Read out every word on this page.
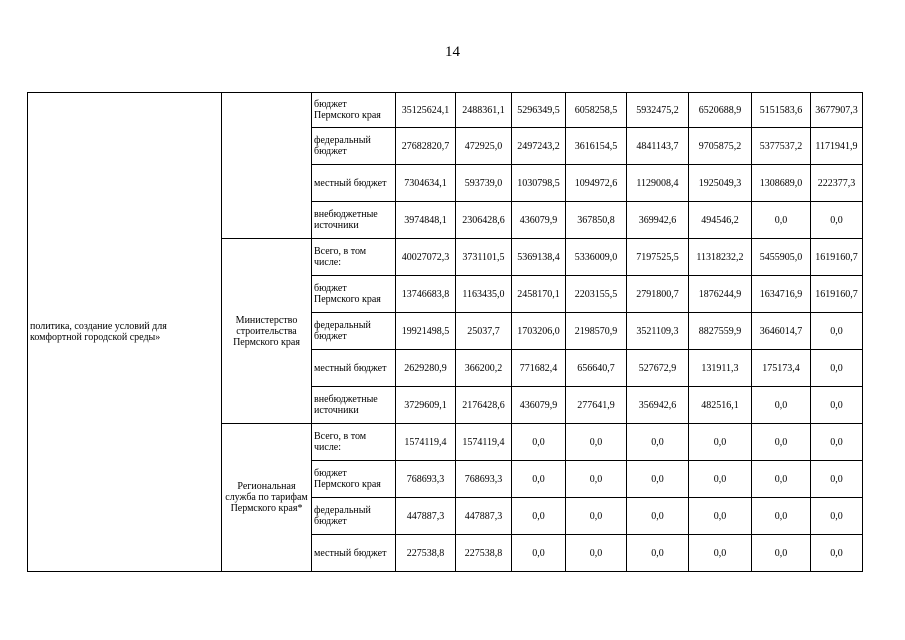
14
политика, создание условий для комфортной городской среды»		бюджет Пермского края	35125624,1	2488361,1	5296349,5	6058258,5	5932475,2	6520688,9	5151583,6	3677907,3
		федеральный бюджет	27682820,7	472925,0	2497243,2	3616154,5	4841143,7	9705875,2	5377537,2	1171941,9
		местный бюджет	7304634,1	593739,0	1030798,5	1094972,6	1129008,4	1925049,3	1308689,0	222377,3
		внебюджетные источники	3974848,1	2306428,6	436079,9	367850,8	369942,6	494546,2	0,0	0,0
	Министерство строительства Пермского края	Всего, в том числе:	40027072,3	3731101,5	5369138,4	5336009,0	7197525,5	11318232,2	5455905,0	1619160,7
		бюджет Пермского края	13746683,8	1163435,0	2458170,1	2203155,5	2791800,7	1876244,9	1634716,9	1619160,7
		федеральный бюджет	19921498,5	25037,7	1703206,0	2198570,9	3521109,3	8827559,9	3646014,7	0,0
		местный бюджет	2629280,9	366200,2	771682,4	656640,7	527672,9	131911,3	175173,4	0,0
		внебюджетные источники	3729609,1	2176428,6	436079,9	277641,9	356942,6	482516,1	0,0	0,0
	Региональная служба по тарифам Пермского края*	Всего, в том числе:	1574119,4	1574119,4	0,0	0,0	0,0	0,0	0,0	0,0
		бюджет Пермского края	768693,3	768693,3	0,0	0,0	0,0	0,0	0,0	0,0
		федеральный бюджет	447887,3	447887,3	0,0	0,0	0,0	0,0	0,0	0,0
		местный бюджет	227538,8	227538,8	0,0	0,0	0,0	0,0	0,0	0,0
